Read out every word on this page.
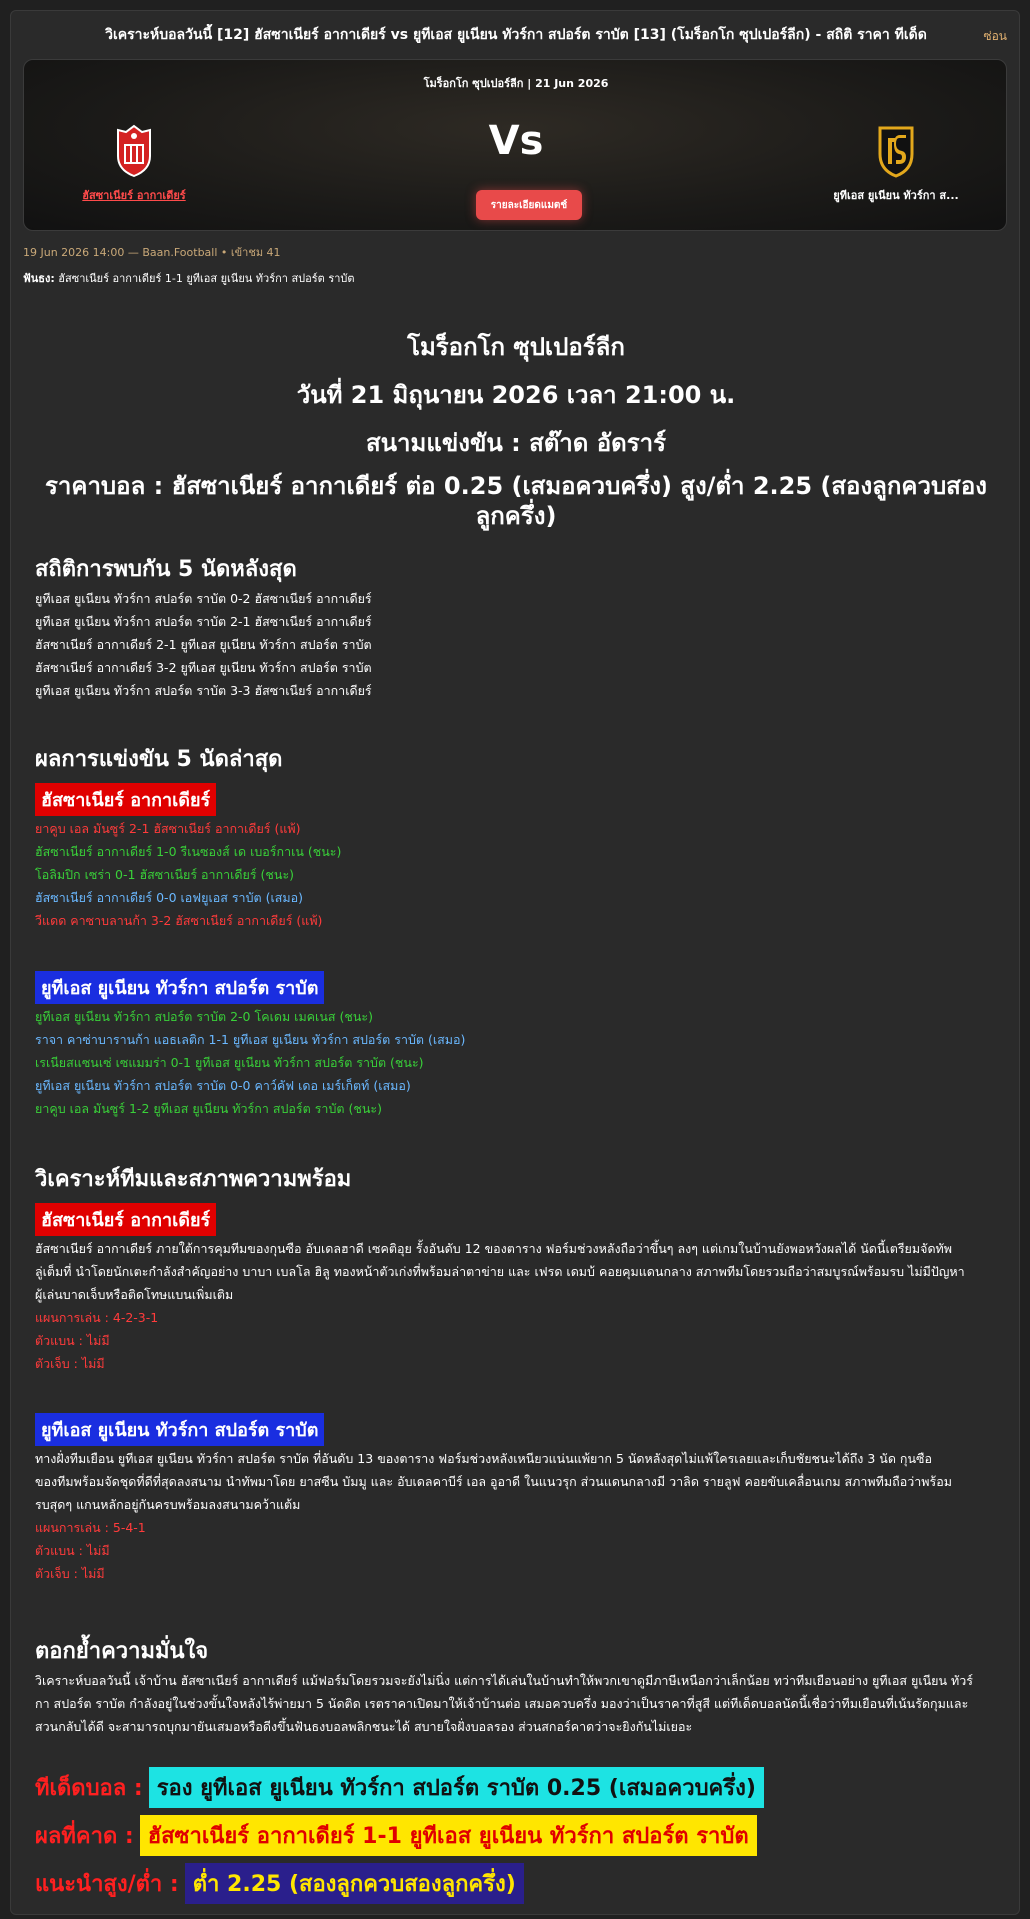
วิเคราะห์บอลวันนี้ [12] ฮัสซาเนียร์ อากาเดียร์ vs ยูทีเอส ยูเนียน ทัวร์กา สปอร์ต ราบัต [13] (โมร็อกโก ซุปเปอร์ลีก) - สถิติ ราคา ทีเด็ด	ซ่อน
โมร็อกโก ซุปเปอร์ลีก | 21 Jun 2026
ฮัสซาเนียร์ อากาเดียร์
Vs
รายละเอียดแมตช์
ยูทีเอส ยูเนียน ทัวร์กา ส...
19 Jun 2026 14:00 — Baan.Football • เข้าชม 41
ฟันธง: ฮัสซาเนียร์ อากาเดียร์ 1-1 ยูทีเอส ยูเนียน ทัวร์กา สปอร์ต ราบัต
โมร็อกโก ซุปเปอร์ลีก
วันที่ 21 มิถุนายน 2026 เวลา 21:00 น.
สนามแข่งขัน : สต๊าด อัดราร์
ราคาบอล : ฮัสซาเนียร์ อากาเดียร์ ต่อ 0.25 (เสมอควบครึ่ง) สูง/ต่ำ 2.25 (สองลูกควบสองลูกครึ่ง)
สถิติการพบกัน 5 นัดหลังสุด
ยูทีเอส ยูเนียน ทัวร์กา สปอร์ต ราบัต 0-2 ฮัสซาเนียร์ อากาเดียร์
ยูทีเอส ยูเนียน ทัวร์กา สปอร์ต ราบัต 2-1 ฮัสซาเนียร์ อากาเดียร์
ฮัสซาเนียร์ อากาเดียร์ 2-1 ยูทีเอส ยูเนียน ทัวร์กา สปอร์ต ราบัต
ฮัสซาเนียร์ อากาเดียร์ 3-2 ยูทีเอส ยูเนียน ทัวร์กา สปอร์ต ราบัต
ยูทีเอส ยูเนียน ทัวร์กา สปอร์ต ราบัต 3-3 ฮัสซาเนียร์ อากาเดียร์
ผลการแข่งขัน 5 นัดล่าสุด
ฮัสซาเนียร์ อากาเดียร์
ยาคูบ เอล มันซูร์ 2-1 ฮัสซาเนียร์ อากาเดียร์ (แพ้)
ฮัสซาเนียร์ อากาเดียร์ 1-0 รีเนซองส์ เด เบอร์กาเน (ชนะ)
โอลิมปิก เซร่า 0-1 ฮัสซาเนียร์ อากาเดียร์ (ชนะ)
ฮัสซาเนียร์ อากาเดียร์ 0-0 เอฟยูเอส ราบัต (เสมอ)
วีแดด คาซาบลานก้า 3-2 ฮัสซาเนียร์ อากาเดียร์ (แพ้)
ยูทีเอส ยูเนียน ทัวร์กา สปอร์ต ราบัต
ยูทีเอส ยูเนียน ทัวร์กา สปอร์ต ราบัต 2-0 โคเดม เมคเนส (ชนะ)
ราจา คาซ่าบารานก้า แอธเลติก 1-1 ยูทีเอส ยูเนียน ทัวร์กา สปอร์ต ราบัต (เสมอ)
เรเนียสแซนเซ่ เซแมมร่า 0-1 ยูทีเอส ยูเนียน ทัวร์กา สปอร์ต ราบัต (ชนะ)
ยูทีเอส ยูเนียน ทัวร์กา สปอร์ต ราบัต 0-0 คาว์คัฟ เดอ เมร์เก็ตท์ (เสมอ)
ยาคูบ เอล มันซูร์ 1-2 ยูทีเอส ยูเนียน ทัวร์กา สปอร์ต ราบัต (ชนะ)
วิเคราะห์ทีมและสภาพความพร้อม
ฮัสซาเนียร์ อากาเดียร์
ฮัสซาเนียร์ อากาเดียร์ ภายใต้การคุมทีมของกุนซือ อับเดลฮาดี เซคติอุย รั้งอันดับ 12 ของตาราง ฟอร์มช่วงหลังถือว่าขึ้นๆ ลงๆ แต่เกมในบ้านยังพอหวังผลได้ นัดนี้เตรียมจัดทัพ
ลู่เต็มที่ นำโดยนักเตะกำลังสำคัญอย่าง บาบา เบลโล ฮิลู ทองหน้าตัวเก่งที่พร้อมล่าตาข่าย และ เฟรด เดมบ้ คอยคุมแดนกลาง สภาพทีมโดยรวมถือว่าสมบูรณ์พร้อมรบ ไม่มีปัญหา
ผู้เล่นบาดเจ็บหรือติดโทษแบนเพิ่มเติม
แผนการเล่น : 4-2-3-1
ตัวแบน : ไม่มี
ตัวเจ็บ : ไม่มี
ยูทีเอส ยูเนียน ทัวร์กา สปอร์ต ราบัต
ทางฝั่งทีมเยือน ยูทีเอส ยูเนียน ทัวร์กา สปอร์ต ราบัต ที่อันดับ 13 ของตาราง ฟอร์มช่วงหลังเหนียวแน่นแพ้ยาก 5 นัดหลังสุดไม่แพ้ใครเลยและเก็บชัยชนะได้ถึง 3 นัด กุนซือ
ของทีมพร้อมจัดชุดที่ดีที่สุดลงสนาม นำทัพมาโดย ยาสซีน บัมมู และ อับเดลคาบีร์ เอล อูอาดี ในแนวรุก ส่วนแดนกลางมี วาลิด รายลูฟ คอยขับเคลื่อนเกม สภาพทีมถือว่าพร้อม
รบสุดๆ แกนหลักอยู่กันครบพร้อมลงสนามคว้าแต้ม
แผนการเล่น : 5-4-1
ตัวแบน : ไม่มี
ตัวเจ็บ : ไม่มี
ตอกย้ำความมั่นใจ
วิเคราะห์บอลวันนี้ เจ้าบ้าน ฮัสซาเนียร์ อากาเดียร์ แม้ฟอร์มโดยรวมจะยังไม่นิ่ง แต่การได้เล่นในบ้านทำให้พวกเขาดูมีภาษีเหนือกว่าเล็กน้อย ทว่าทีมเยือนอย่าง ยูทีเอส ยูเนียน ทัวร์
กา สปอร์ต ราบัต กำลังอยู่ในช่วงขั้นใจหลังไร้พ่ายมา 5 นัดติด เรตราคาเปิดมาให้เจ้าบ้านต่อ เสมอควบครึ่ง มองว่าเป็นราคาที่สูสี แต่ทีเด็ดบอลนัดนี้เชื่อว่าทีมเยือนที่เน้นรัดกุมและ
สวนกลับได้ดี จะสามารถบุกมายันเสมอหรือดีงขึ้นฟันธงบอลพลิกชนะได้ สบายใจฝั่งบอลรอง ส่วนสกอร์คาดว่าจะยิงกันไม่เยอะ
ทีเด็ดบอล : รอง ยูทีเอส ยูเนียน ทัวร์กา สปอร์ต ราบัต 0.25 (เสมอควบครึ่ง)
ผลที่คาด : ฮัสซาเนียร์ อากาเดียร์ 1-1 ยูทีเอส ยูเนียน ทัวร์กา สปอร์ต ราบัต
แนะนำสูง/ต่ำ : ต่ำ 2.25 (สองลูกควบสองลูกครึ่ง)
